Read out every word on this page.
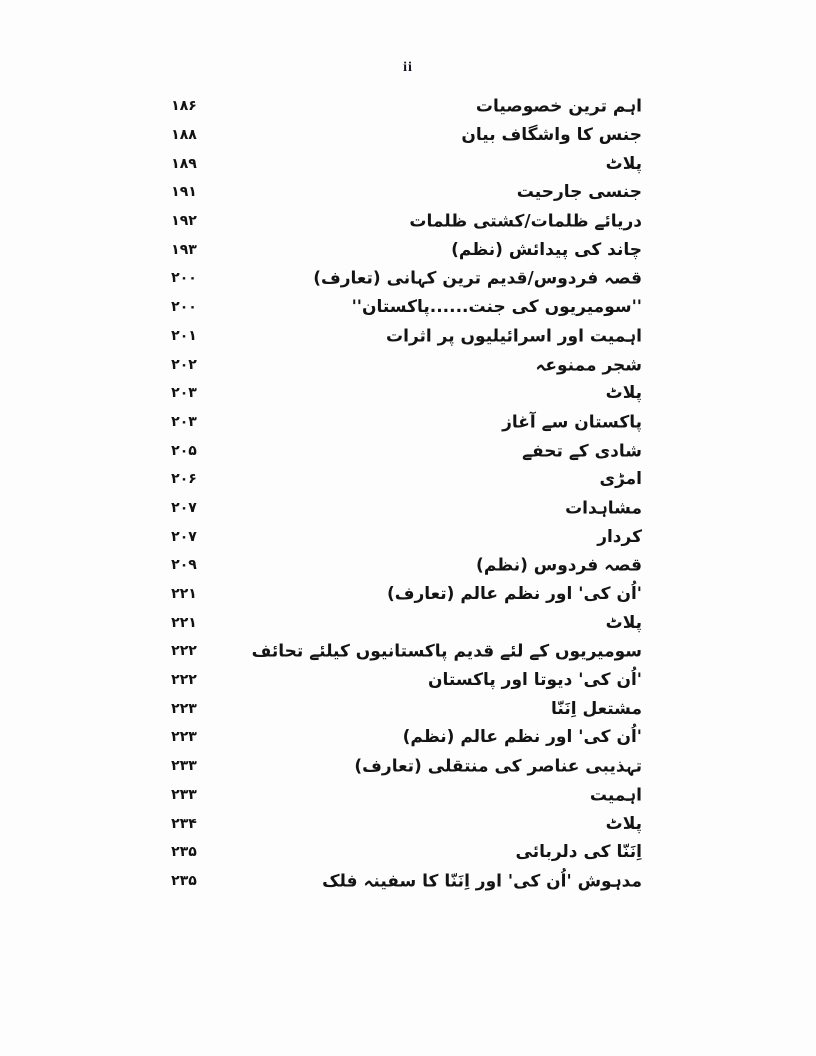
ii
۱۸۶	اہم ترین خصوصیات
۱۸۸	جنس کا واشگاف بیان
۱۸۹	پلاٹ
۱۹۱	جنسی جارحیت
۱۹۲	دریائے ظلمات/کشتی ظلمات
۱۹۳	چاند کی پیدائش (نظم)
۲۰۰	قصہ فردوس/قدیم ترین کہانی (تعارف)
۲۰۰	''سومیریوں کی جنت......پاکستان''
۲۰۱	اہمیت اور اسرائیلیوں پر اثرات
۲۰۲	شجر ممنوعہ
۲۰۳	پلاٹ
۲۰۳	پاکستان سے آغاز
۲۰۵	شادی کے تحفے
۲۰۶	امڑی
۲۰۷	مشاہدات
۲۰۷	کردار
۲۰۹	قصہ فردوس (نظم)
۲۲۱	'اُن کی' اور نظم عالم (تعارف)
۲۲۱	پلاٹ
۲۲۲	سومیریوں کے لئے قدیم پاکستانیوں کیلئے تحائف
۲۲۲	'اُن کی' دیوتا اور پاکستان
۲۲۳	مشتعل اِنَنّا
۲۲۳	'اُن کی' اور نظم عالم (نظم)
۲۳۳	تہذیبی عناصر کی منتقلی (تعارف)
۲۳۳	اہمیت
۲۳۴	پلاٹ
۲۳۵	اِنَنّا کی دلربائی
۲۳۵	مدہوش 'اُن کی' اور اِنَنّا کا سفینہ فلک
